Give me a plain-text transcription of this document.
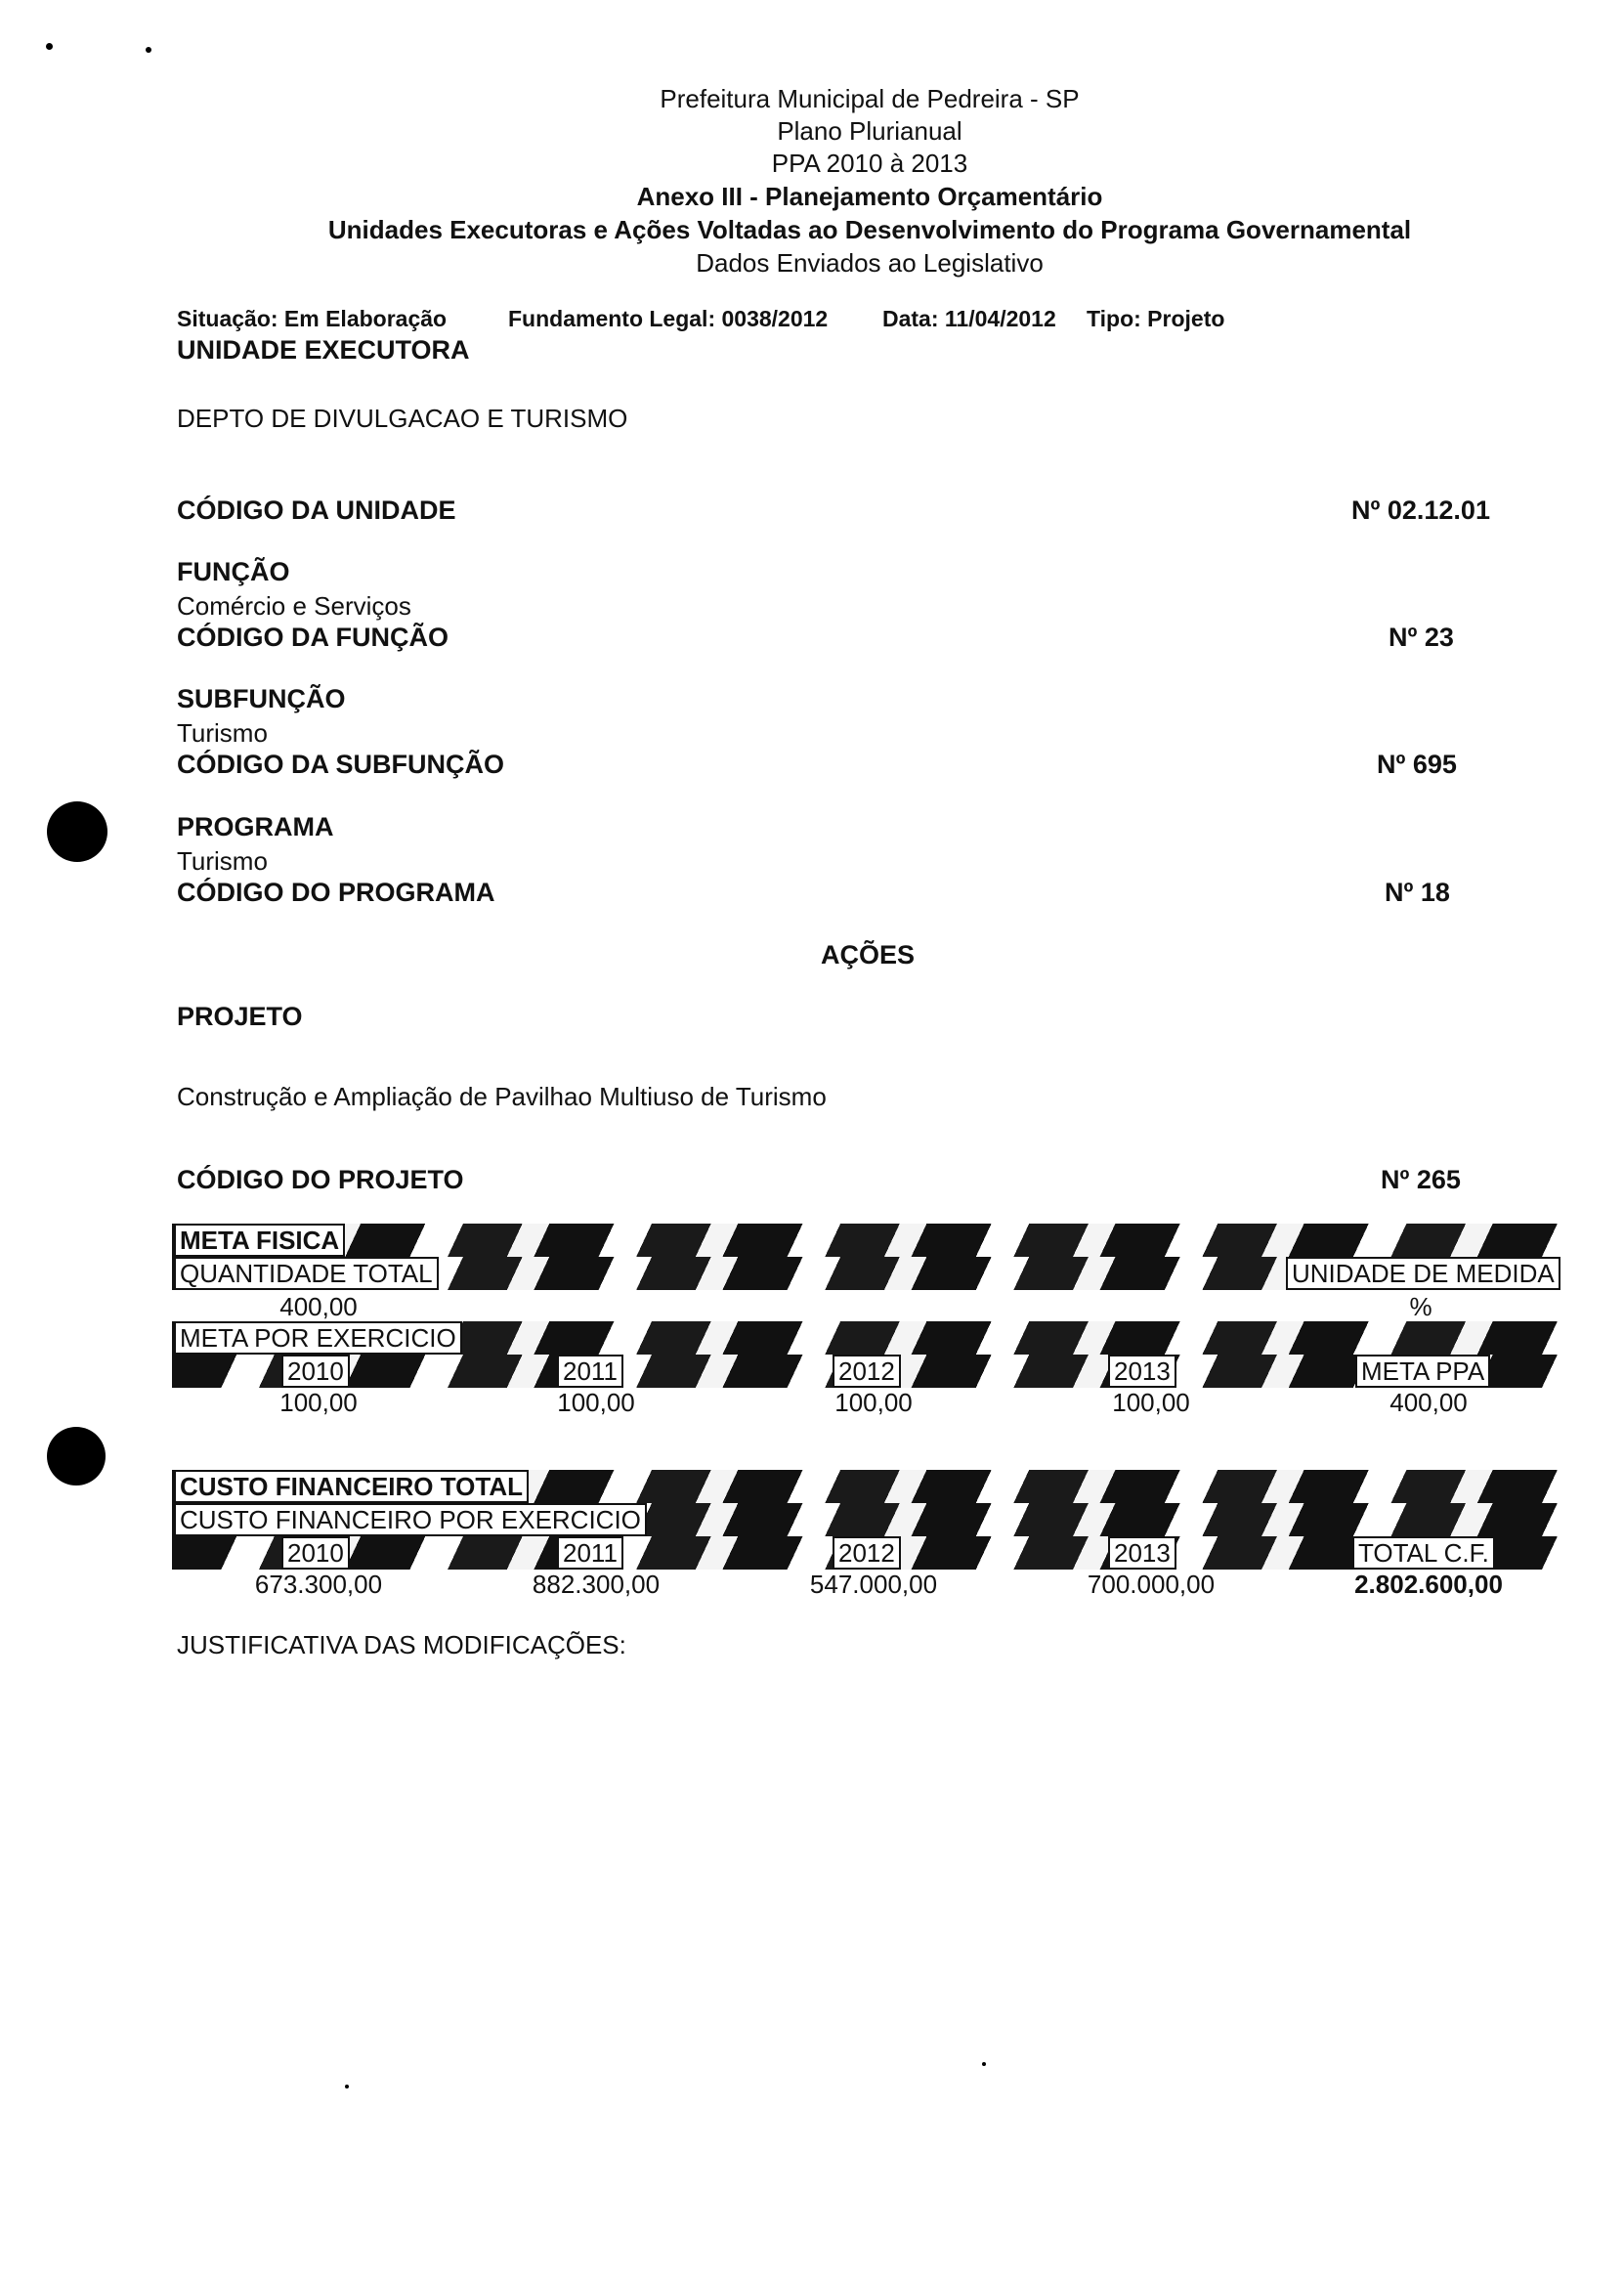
Prefeitura Municipal de Pedreira - SP
Plano Plurianual
PPA 2010 à 2013
Anexo III - Planejamento Orçamentário
Unidades Executoras e Ações Voltadas ao Desenvolvimento do Programa Governamental
Dados Enviados ao Legislativo
Situação: Em Elaboração	Fundamento Legal: 0038/2012 Data: 11/04/2012 Tipo: Projeto
UNIDADE EXECUTORA
DEPTO DE DIVULGACAO E TURISMO
CÓDIGO DA UNIDADE	Nº 02.12.01
FUNÇÃO
Comércio e Serviços
CÓDIGO DA FUNÇÃO	Nº 23
SUBFUNÇÃO
Turismo
CÓDIGO DA SUBFUNÇÃO	Nº 695
PROGRAMA
Turismo
CÓDIGO DO PROGRAMA	Nº 18
AÇÕES
PROJETO
Construção e Ampliação de Pavilhao Multiuso de Turismo
CÓDIGO DO PROJETO	Nº 265
META FISICA
QUANTIDADE TOTAL	UNIDADE DE MEDIDA
400,00	%
META POR EXERCICIO
2010	2011	2012	2013	META PPA
100,00	100,00	100,00	100,00	400,00
CUSTO FINANCEIRO TOTAL
CUSTO FINANCEIRO POR EXERCICIO
2010	2011	2012	2013	TOTAL C.F.
673.300,00	882.300,00	547.000,00	700.000,00	2.802.600,00
JUSTIFICATIVA DAS MODIFICAÇÕES:
